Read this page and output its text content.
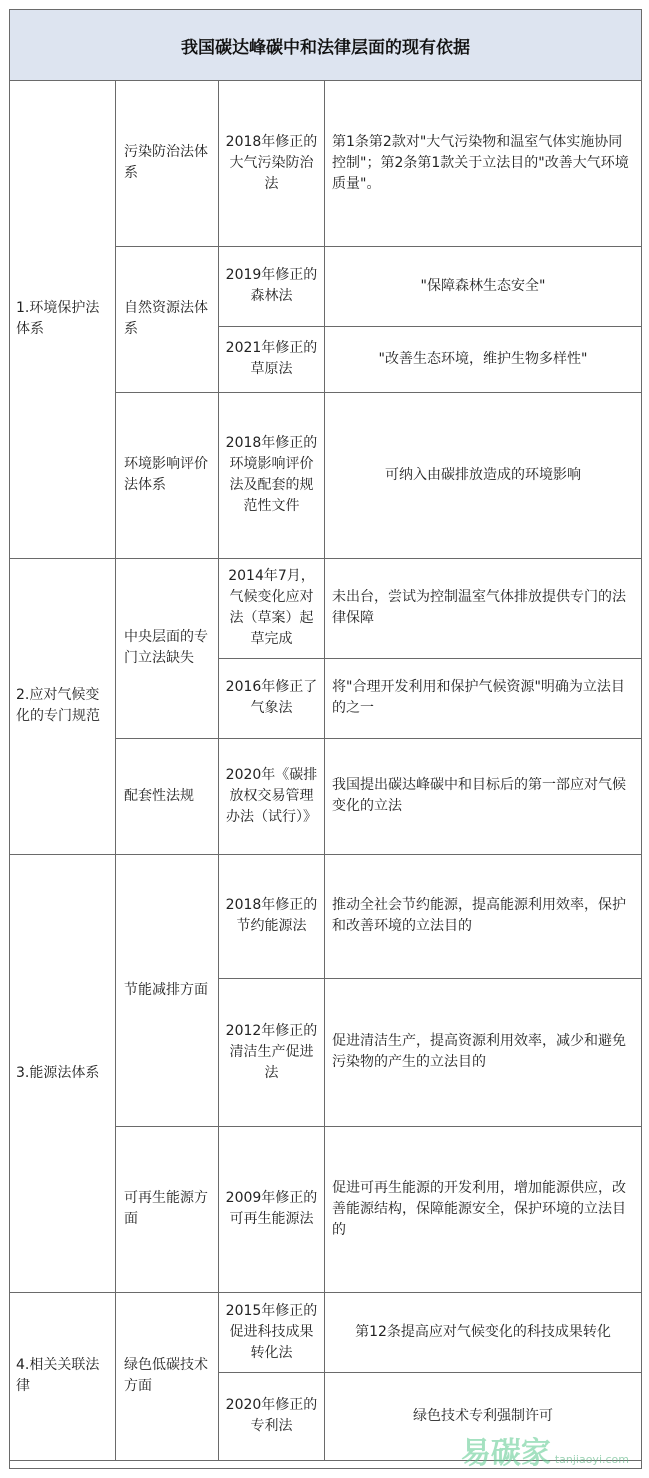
我国碳达峰碳中和法律层面的现有依据
2018年修正的大气污染防治法
第1条第2款对"大气污染物和温室气体实施协同控制"；第2条第1款关于立法目的"改善大气环境质量"。
污染防治法体系
2019年修正的森林法
"保障森林生态安全"
2021年修正的草原法
"改善生态环境，维护生物多样性"
自然资源法体系
2018年修正的环境影响评价法及配套的规范性文件
可纳入由碳排放造成的环境影响
环境影响评价法体系
1.环境保护法体系
2014年7月，气候变化应对法（草案）起草完成
未出台，尝试为控制温室气体排放提供专门的法律保障
2016年修正了气象法
将"合理开发利用和保护气候资源"明确为立法目的之一
中央层面的专门立法缺失
2020年《碳排放权交易管理办法（试行）》
我国提出碳达峰碳中和目标后的第一部应对气候变化的立法
配套性法规
2.应对气候变化的专门规范
2018年修正的节约能源法
推动全社会节约能源，提高能源利用效率，保护和改善环境的立法目的
2012年修正的清洁生产促进法
促进清洁生产，提高资源利用效率，减少和避免污染物的产生的立法目的
节能减排方面
2009年修正的可再生能源法
促进可再生能源的开发利用，增加能源供应，改善能源结构，保障能源安全，保护环境的立法目的
可再生能源方面
3.能源法体系
2015年修正的促进科技成果转化法
第12条提高应对气候变化的科技成果转化
2020年修正的专利法
绿色技术专利强制许可
绿色低碳技术方面
4.相关关联法律
易碳家 tanjiaoyi.com
